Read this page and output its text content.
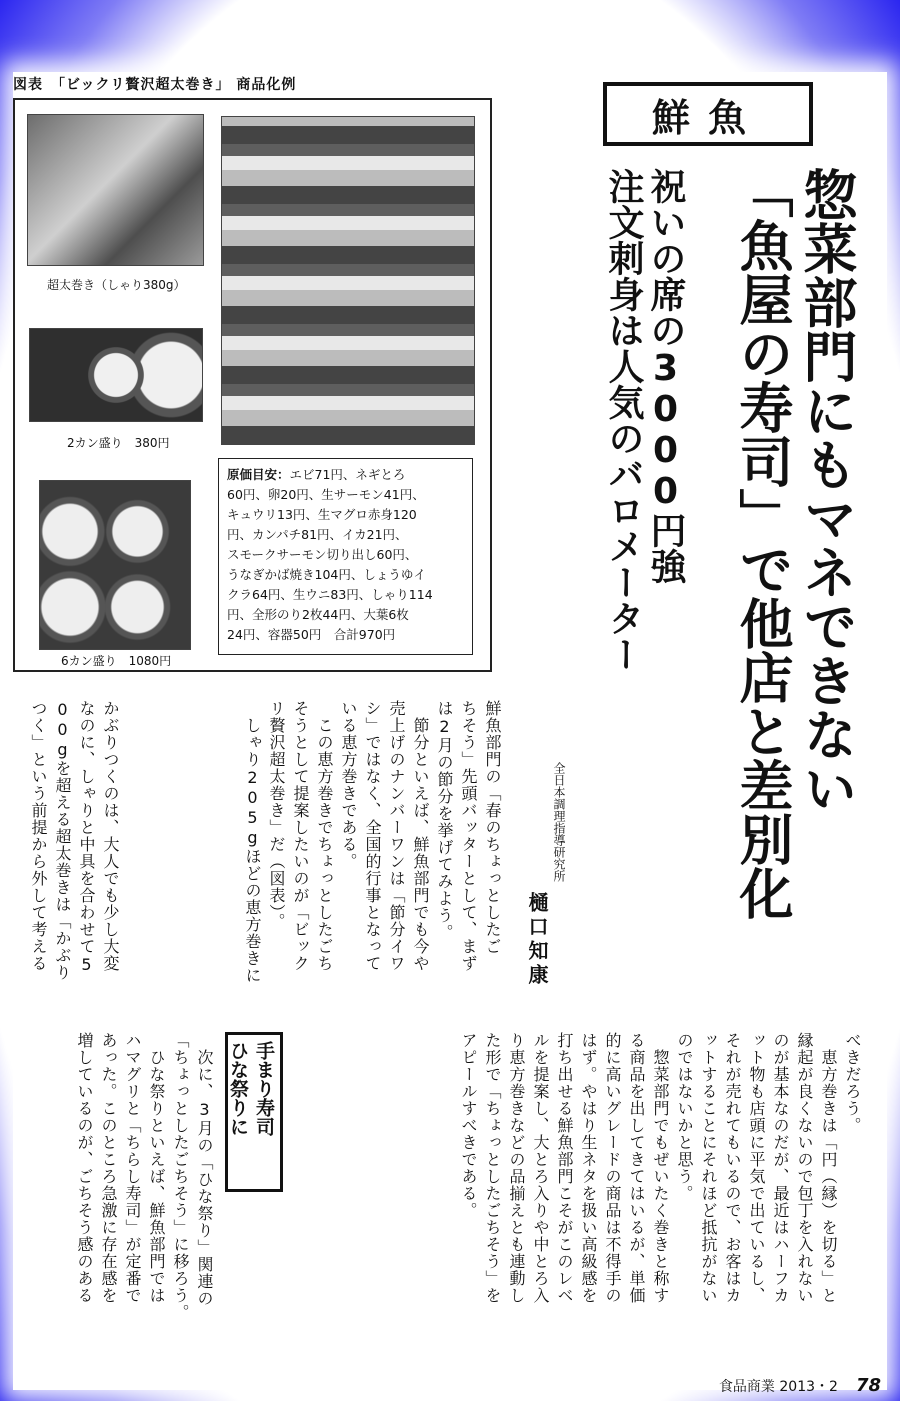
図表　「ビックリ贅沢超太巻き」 商品化例
超太巻き（しゃり380g）
2カン盛り　380円
6カン盛り　1080円
原価目安：エビ71円、ネギとろ
60円、卵20円、生サーモン41円、
キュウリ13円、生マグロ赤身120
円、カンパチ81円、イカ21円、
スモークサーモン切り出し60円、
うなぎかば焼き104円、しょうゆイ
クラ64円、生ウニ83円、しゃり114
円、全形のり2枚44円、大葉6枚
24円、容器50円　合計970円
鮮魚
惣菜部門にもマネできない
「魚屋の寿司」で他店と差別化
祝いの席の3000円強
注文刺身は人気のバロメーター
全日本調理指導研究所
樋口知康
鮮魚部門の「春のちょっとしたご
ちそう」先頭バッターとして、まず
は2月の節分を挙げてみよう。
　節分といえば、鮮魚部門でも今や
売上げのナンバーワンは「節分イワ
シ」ではなく、全国的行事となって
いる恵方巻きである。
　この恵方巻きでちょっとしたごち
そうとして提案したいのが「ビック
リ贅沢超太巻き」だ（図表）。
　しゃり205gほどの恵方巻きに
かぶりつくのは、大人でも少し大変
なのに、しゃりと中具を合わせて5
00gを超える超太巻きは「かぶり
つく」という前提から外して考える
べきだろう。
　恵方巻きは「円（縁）を切る」と
縁起が良くないので包丁を入れない
のが基本なのだが、最近はハーフカ
ット物も店頭に平気で出ているし、
それが売れてもいるので、お客はカ
ットすることにそれほど抵抗がない
のではないかと思う。
　惣菜部門でもぜいたく巻きと称す
る商品を出してきてはいるが、単価
的に高いグレードの商品は不得手の
はず。やはり生ネタを扱い高級感を
打ち出せる鮮魚部門こそがこのレベ
ルを提案し、大とろ入りや中とろ入
り恵方巻きなどの品揃えとも連動し
た形で「ちょっとしたごちそう」を
アピールすべきである。
ひな祭りに 手まり寿司
　次に、3月の「ひな祭り」関連の
「ちょっとしたごちそう」に移ろう。
　ひな祭りといえば、鮮魚部門では
ハマグリと「ちらし寿司」が定番で
あった。このところ急激に存在感を
増しているのが、ごちそう感のある
食品商業 2013・2 78
